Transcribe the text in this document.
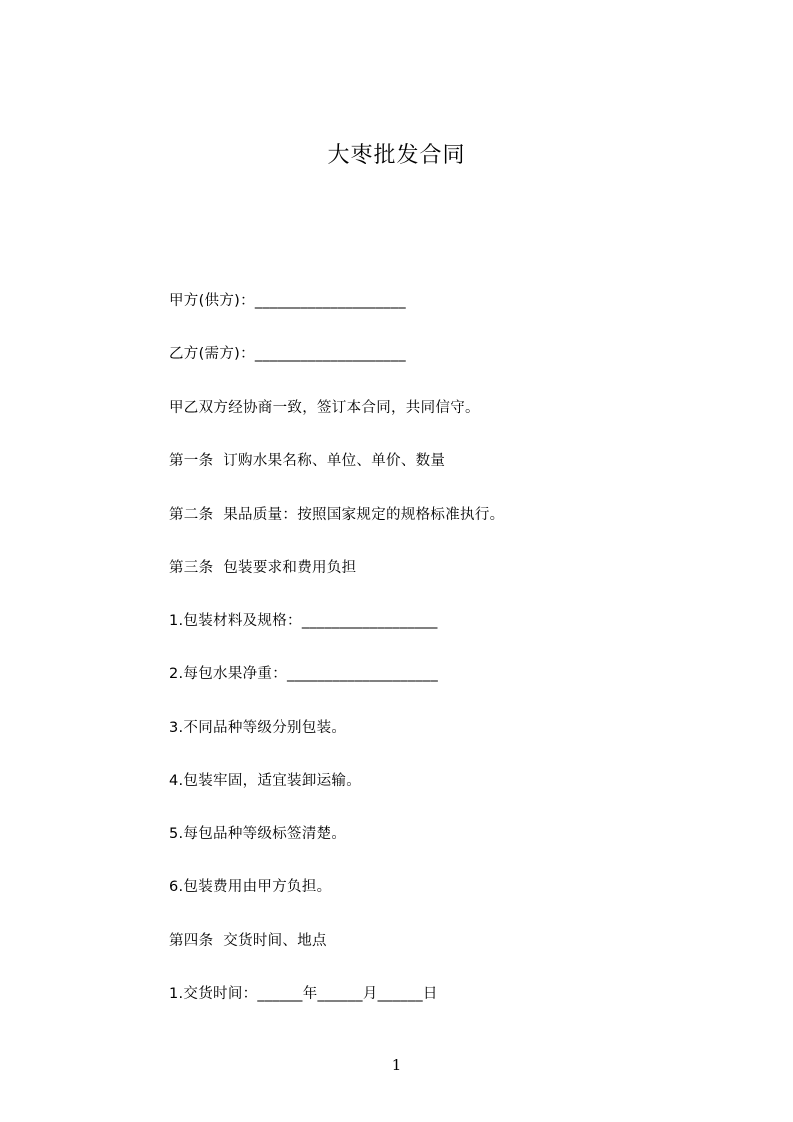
大枣批发合同
甲方(供方)：____________________
乙方(需方)：____________________
甲乙双方经协商一致，签订本合同，共同信守。
第一条  订购水果名称、单位、单价、数量
第二条  果品质量：按照国家规定的规格标准执行。
第三条  包装要求和费用负担
1.包装材料及规格：__________________
2.每包水果净重：____________________
3.不同品种等级分别包装。
4.包装牢固，适宜装卸运输。
5.每包品种等级标签清楚。
6.包装费用由甲方负担。
第四条  交货时间、地点
1.交货时间：______年______月______日
1
